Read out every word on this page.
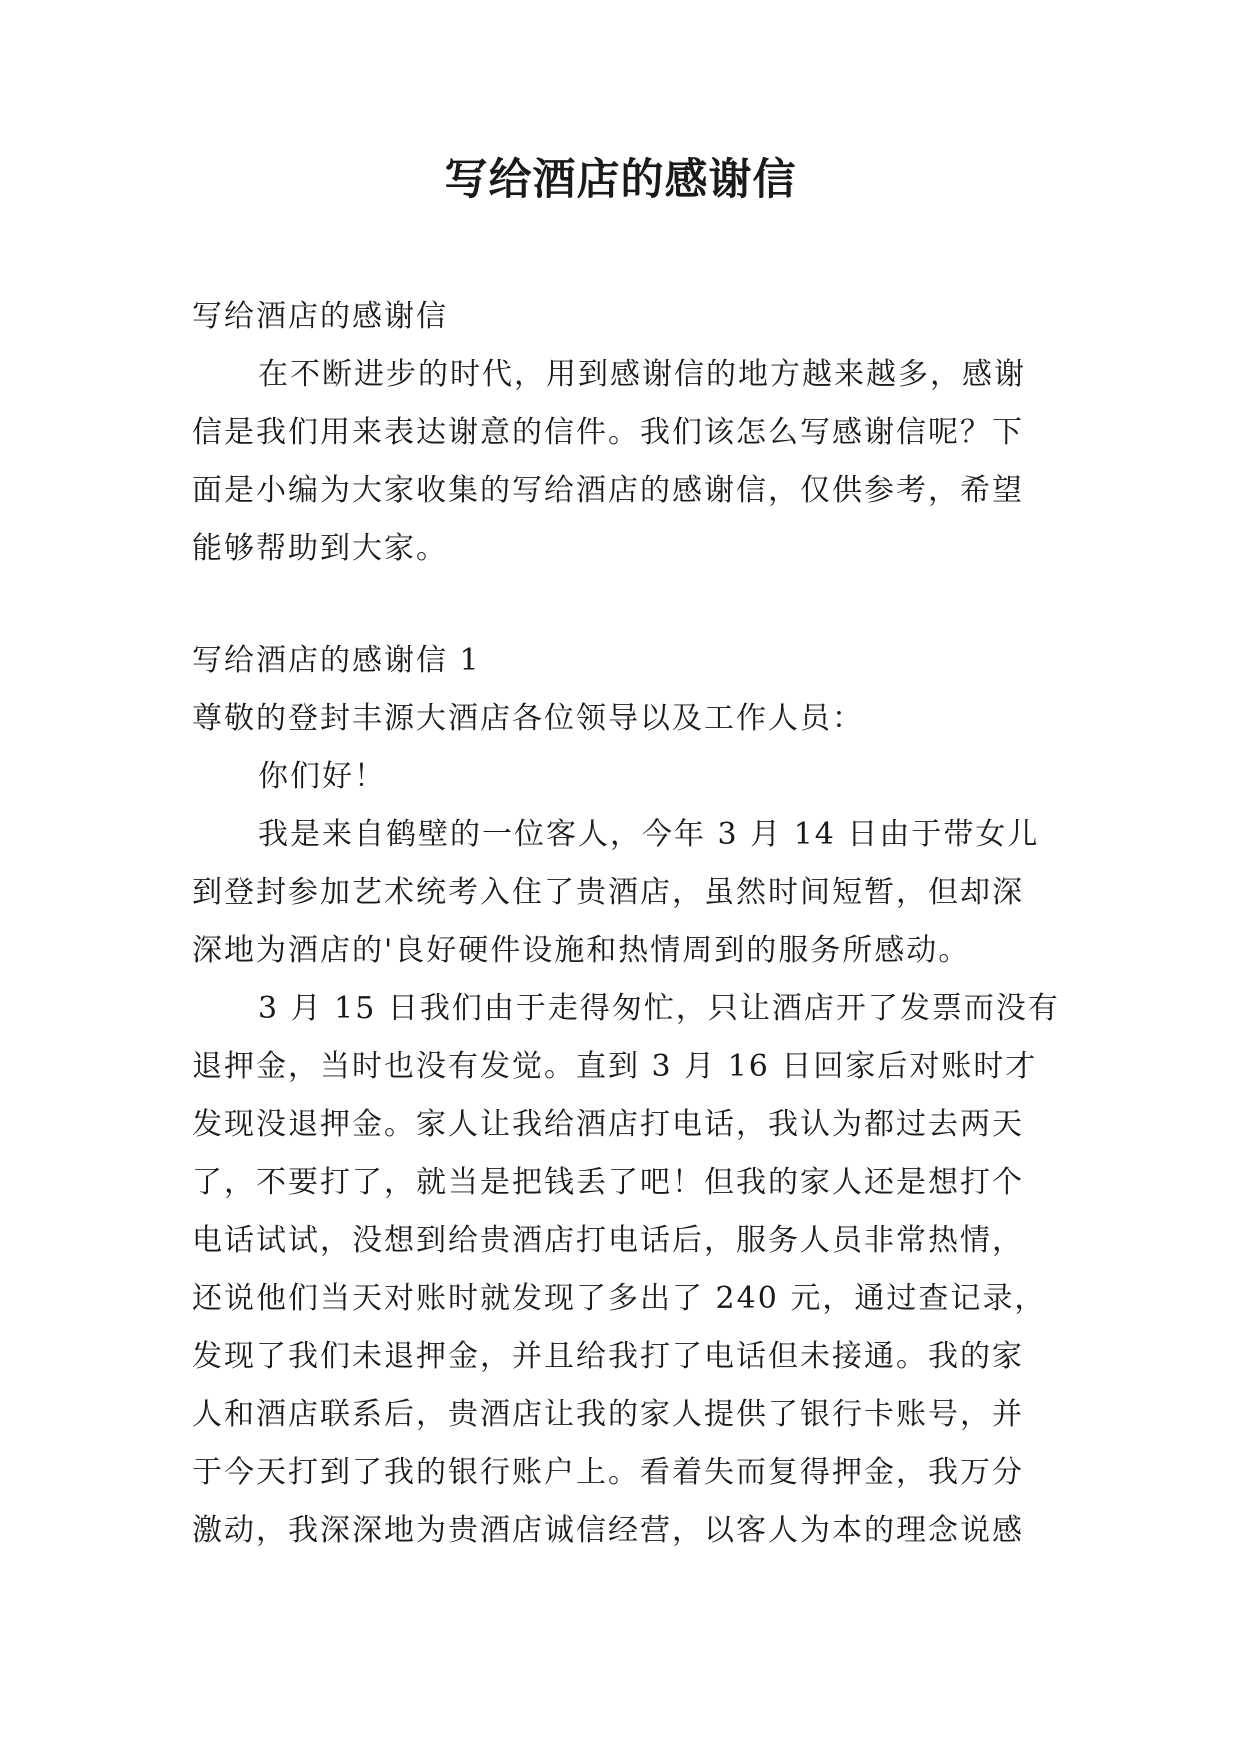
写给酒店的感谢信

写给酒店的感谢信

在不断进步的时代，用到感谢信的地方越来越多，感谢

信是我们用来表达谢意的信件。我们该怎么写感谢信呢？下

面是小编为大家收集的写给酒店的感谢信，仅供参考，希望

能够帮助到大家。

写给酒店的感谢信 1

尊敬的登封丰源大酒店各位领导以及工作人员：

你们好！

我是来自鹤壁的一位客人，今年 3 月 14 日由于带女儿

到登封参加艺术统考入住了贵酒店，虽然时间短暂，但却深

深地为酒店的'良好硬件设施和热情周到的服务所感动。

3 月 15 日我们由于走得匆忙，只让酒店开了发票而没有

退押金，当时也没有发觉。直到 3 月 16 日回家后对账时才

发现没退押金。家人让我给酒店打电话，我认为都过去两天

了，不要打了，就当是把钱丢了吧！但我的家人还是想打个

电话试试，没想到给贵酒店打电话后，服务人员非常热情，

还说他们当天对账时就发现了多出了 240 元，通过查记录，

发现了我们未退押金，并且给我打了电话但未接通。我的家

人和酒店联系后，贵酒店让我的家人提供了银行卡账号，并

于今天打到了我的银行账户上。看着失而复得押金，我万分

激动，我深深地为贵酒店诚信经营，以客人为本的理念说感
